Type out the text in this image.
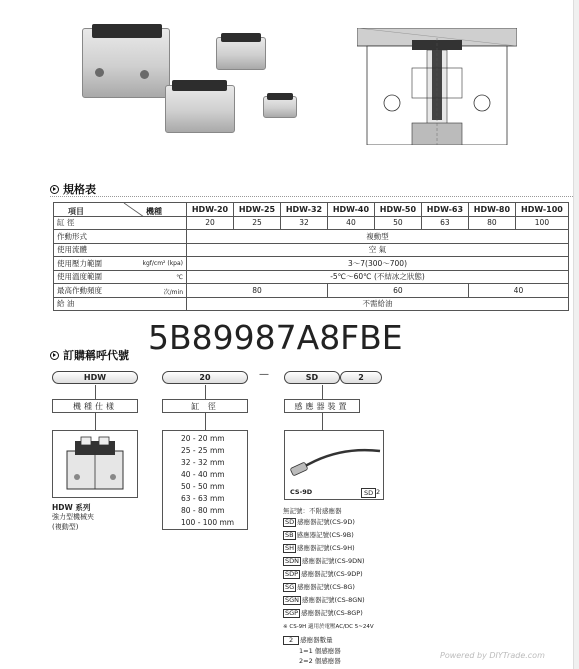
規格表
項目 機種	HDW-20	HDW-25	HDW-32	HDW-40	HDW-50	HDW-63	HDW-80	HDW-100
缸 徑	20	25	32	40	50	63	80	100
作動形式	複動型							
使用流體	空 氣							
使用壓力範圍 kgf/cm² (kpa)	3～7(300～700)							
使用溫度範圍 ℃	-5℃～60℃ (不結冰之狀態)							
最高作動頻度 次/min	80			60			40	
給 油	不需給油							
5B89987A8FBE
訂購稱呼代號
HDW	20	—	SD	2
機種仕樣	缸 徑	感應器裝置
HDW 系列
強力型機械夾
(複動型)
20 - 20 mm
25 - 25 mm
32 - 32 mm
40 - 40 mm
50 - 50 mm
63 - 63 mm
80 - 80 mm
100 - 100 mm
CS-9D	SD 2
無記號：不附感應器
SD 感應器記號(CS-9D)
SB 感應器記號(CS-9B)
SH 感應器記號(CS-9H)
SDN 感應器記號(CS-9DN)
SDP 感應器記號(CS-9DP)
SG 感應器記號(CS-8G)
SGN 感應器記號(CS-8GN)
SGP 感應器記號(CS-8GP)
※ CS-9H 適用於電壓AC/DC 5~24V
2 感應器數量
1=1 個感應器
2=2 個感應器
Powered by DIYTrade.com
